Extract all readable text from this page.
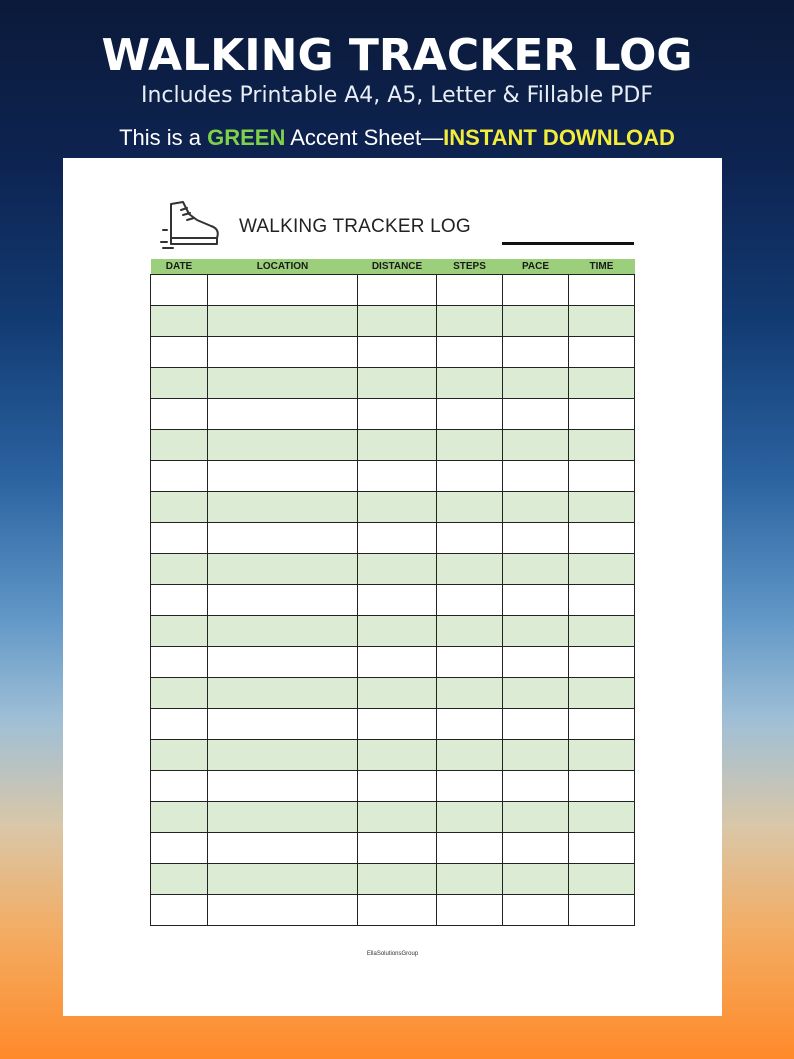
WALKING TRACKER LOG
Includes Printable A4, A5, Letter & Fillable PDF
This is a GREEN Accent Sheet—INSTANT DOWNLOAD
WALKING TRACKER LOG
DATE	LOCATION	DISTANCE	STEPS	PACE	TIME

EllaSolutionsGroup
